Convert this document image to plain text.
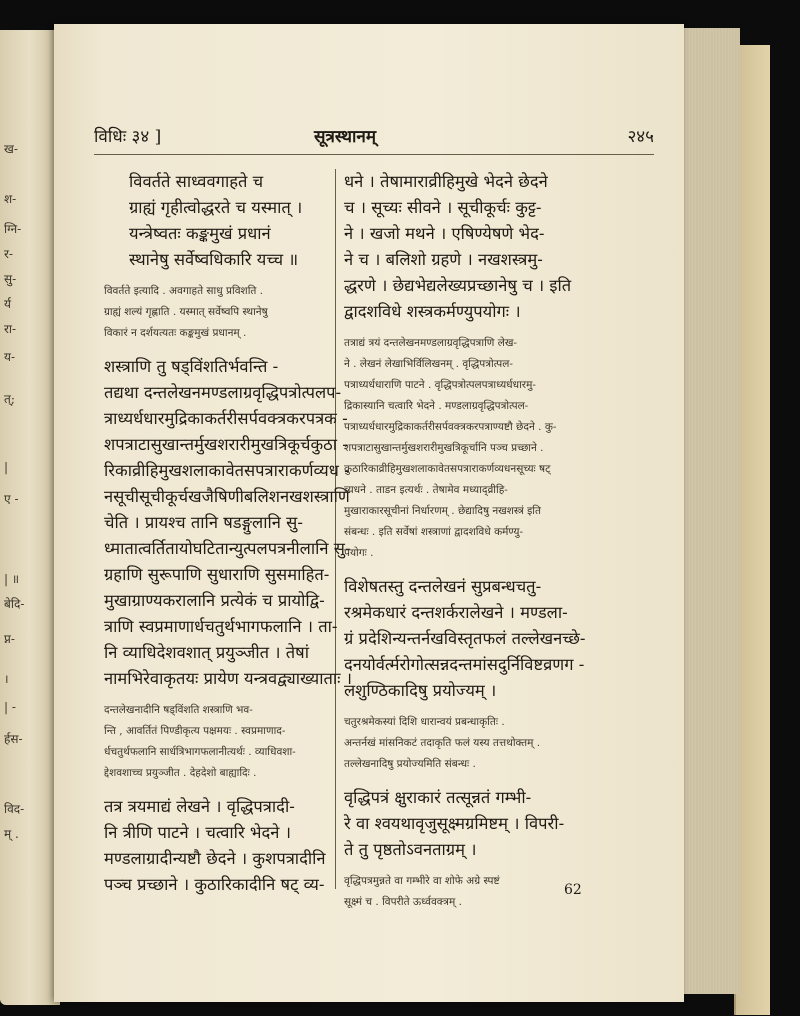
ख-
श-
ग्नि-
र-
सु-
र्य
रा-
य-
त्;
|
ए -
| ॥
बेदि-
प्न-
।
| -
र्हस-
विद-
म् .
विधिः ३४ ]	सूत्रस्थानम्	२४५

विवर्तते साध्ववगाहते च

ग्राह्यं गृहीत्वोद्धरते च यस्मात् ।

यन्त्रेष्वतः कङ्कमुखं प्रधानं

स्थानेषु सर्वेष्वधिकारि यच्च ॥

विवर्तते इत्यादि . अवगाहते साधु प्रविशति .

ग्राह्यं शल्यं गृह्णाति . यस्मात् सर्वेष्वपि स्थानेषु

विकारं न दर्शयत्यतः कङ्कमुखं प्रधानम् .

शस्त्राणि तु षड्विंशतिर्भवन्ति -

तद्यथा दन्तलेखनमण्डलाग्रवृद्धिपत्रोत्पलप-

त्राध्यर्धधारमुद्रिकाकर्तरीसर्पवक्त्रकरपत्रक -

शपत्राटासुखान्तर्मुखशरारीमुखत्रिकूर्चकुठा -

रिकाव्रीहिमुखशलाकावेतसपत्राराकर्णव्यध -

नसूचीसूचीकूर्चखजैषिणीबलिशनखशस्त्राणि

चेति । प्रायश्च तानि षडङ्गुलानि सु-

ध्मातात्वर्तितायोघटितान्युत्पलपत्रनीलानि सु-

ग्रहाणि सुरूपाणि सुधाराणि सुसमाहित-

मुखाग्राण्यकरालानि प्रत्येकं च प्रायोद्वि-

त्राणि स्वप्रमाणार्धचतुर्थभागफलानि । ता-

नि व्याधिदेशवशात् प्रयुञ्जीत । तेषां

नामभिरेवाकृतयः प्रायेण यन्त्रवद्व्याख्याताः ।

दन्तलेखनादीनि षड्विंशति शस्त्राणि भव-

न्ति , आवर्तितं पिण्डीकृत्य पक्षमयः . स्वप्रमाणाद-

र्धचतुर्थफलानि सार्धत्रिभागफलानीत्यर्थः . व्याधिवशा-

द्देशवशाच्च प्रयुञ्जीत . देहदेशो बाह्यादिः .

तत्र त्रयमाद्यं लेखने । वृद्धिपत्रादी-

नि त्रीणि पाटने । चत्वारि भेदने ।

मण्डलाग्रादीन्यष्टौ छेदने । कुशपत्रादीनि

पञ्च प्रच्छाने । कुठारिकादीनि षट् व्य-

धने । तेषामाराव्रीहिमुखे भेदने छेदने

च । सूच्यः सीवने । सूचीकूर्चः कुट्ट-

ने । खजो मथने । एषिण्येषणे भेद-

ने च । बलिशो ग्रहणे । नखशस्त्रमु-

द्धरणे । छेद्यभेद्यलेख्यप्रच्छानेषु च । इति

द्वादशविधे शस्त्रकर्मण्युपयोगः ।

तत्राद्यं त्रयं दन्तलेखनमण्डलाग्रवृद्धिपत्राणि लेख-

ने . लेखनं लेखाभिर्विलिखनम् . वृद्धिपत्रोत्पल-

पत्राध्यर्धधाराणि पाटने . वृद्धिपत्रोत्पलपत्राध्यर्धधारमु-

द्रिकास्यानि चत्वारि भेदने . मण्डलाग्रवृद्धिपत्रोत्पल-

पत्राध्यर्धधारमुद्रिकाकर्तरीसर्पवक्त्रकरपत्राण्यष्टौ छेदने . कु-

शपत्राटासुखान्तर्मुखशरारीमुखत्रिकूर्चानि पञ्च प्रच्छाने .

कुठारिकाव्रीहिमुखशलाकावेतसपत्राराकर्णव्यधनसूच्यः षट्

व्यधने . ताडन इत्यर्थः . तेषामेव मध्याद्व्रीहि-

मुखाराकारसूचीनां निर्धारणम् . छेद्यादिषु नखशस्त्रं इति

संबन्धः . इति सर्वेषां शस्त्राणां द्वादशविधे कर्मण्यु-

पयोगः .

विशेषतस्तु दन्तलेखनं सुप्रबन्धचतु-

रश्रमेकधारं दन्तशर्करालेखने । मण्डला-

ग्रं प्रदेशिन्यन्तर्नखविस्तृतफलं तल्लेखनच्छे-

दनयोर्वर्त्मरोगोत्सन्नदन्तमांसदुर्निविष्टव्रणग -

लशुण्ठिकादिषु प्रयोज्यम् ।

चतुरश्रमेकस्यां दिशि धारान्वयं प्रबन्धाकृतिः .

अन्तर्नखं मांसनिकटं तदाकृति फलं यस्य तत्तथोक्तम् .

तल्लेखनादिषु प्रयोज्यमिति संबन्धः .

वृद्धिपत्रं क्षुराकारं तत्सून्नतं गम्भी-

रे वा श्वयथावृजुसूक्ष्मग्रमिष्टम् । विपरी-

ते तु पृष्ठतोऽवनताग्रम् ।

वृद्धिपत्रमुन्नते वा गम्भीरे वा शोफे अग्रे स्पष्टं

सूक्ष्मं च . विपरीते ऊर्ध्ववक्त्रम् .

62
